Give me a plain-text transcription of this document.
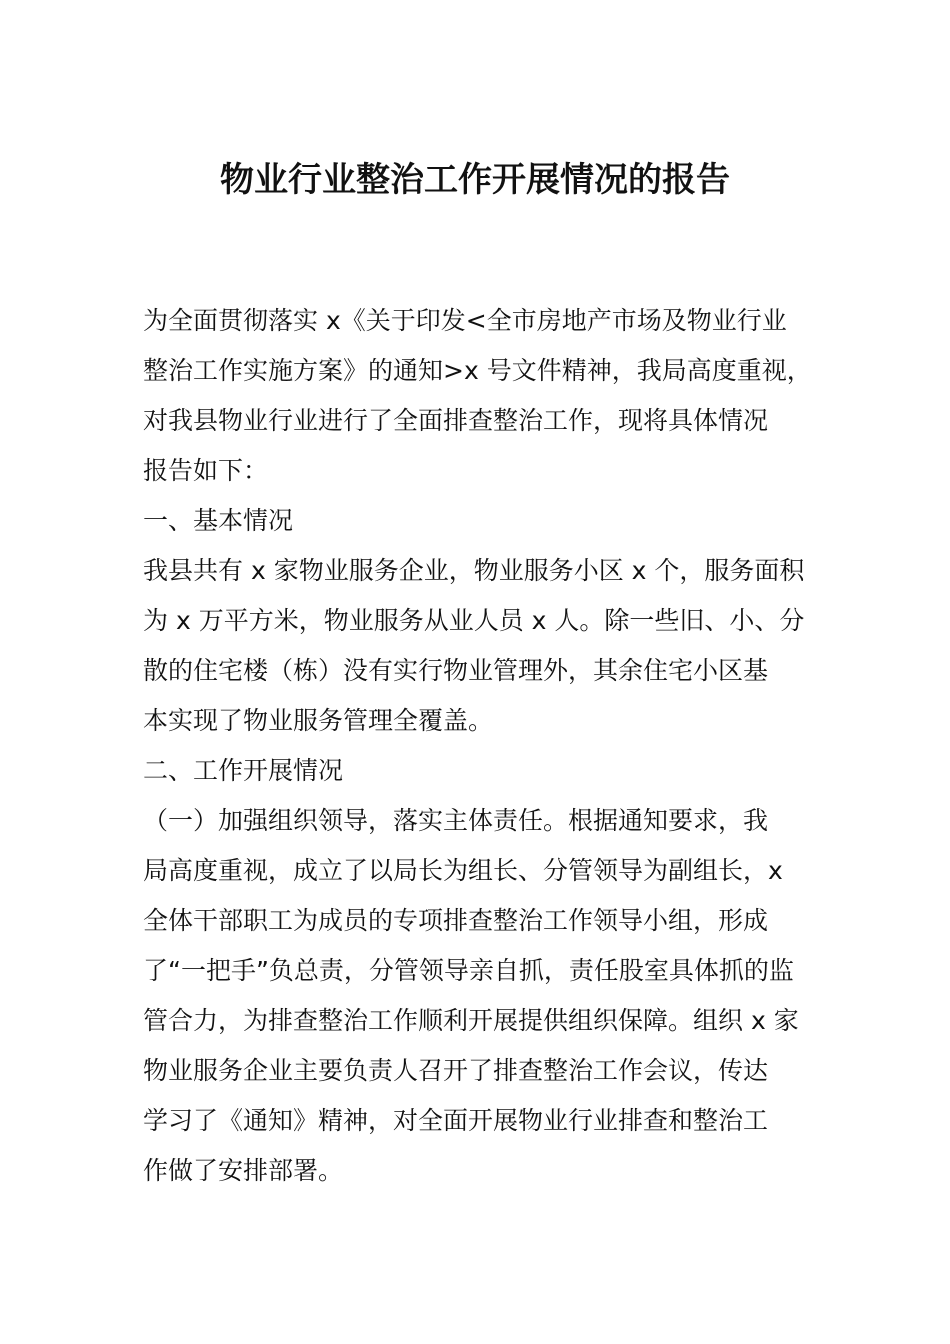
物业行业整治工作开展情况的报告
为全面贯彻落实 x《关于印发<全市房地产市场及物业行业
整治工作实施方案》的通知>x 号文件精神，我局高度重视，
对我县物业行业进行了全面排查整治工作，现将具体情况
报告如下：
一、基本情况
我县共有 x 家物业服务企业，物业服务小区 x 个，服务面积
为 x 万平方米，物业服务从业人员 x 人。除一些旧、小、分
散的住宅楼（栋）没有实行物业管理外，其余住宅小区基
本实现了物业服务管理全覆盖。
二、工作开展情况
（一）加强组织领导，落实主体责任。根据通知要求，我
局高度重视，成立了以局长为组长、分管领导为副组长，x
全体干部职工为成员的专项排查整治工作领导小组，形成
了“一把手”负总责，分管领导亲自抓，责任股室具体抓的监
管合力，为排查整治工作顺利开展提供组织保障。组织 x 家
物业服务企业主要负责人召开了排查整治工作会议，传达
学习了《通知》精神，对全面开展物业行业排查和整治工
作做了安排部署。
